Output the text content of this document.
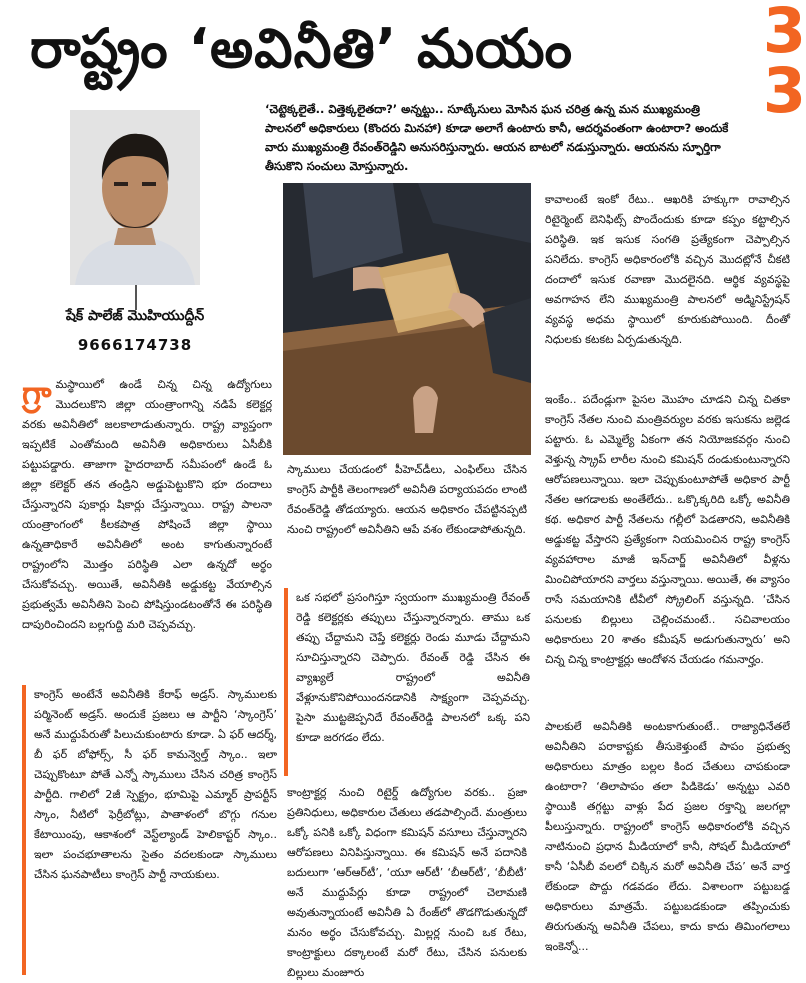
3
3
రాష్ట్రం ‘అవినీతి’ మయం
షేక్ పాలేజ్ మొహియుద్దీన్
9666174738
‘చెట్టెక్కలైతే.. విత్తెక్కలైతదా?’ అన్నట్టు.. సూట్కేసులు మోసిన ఘన చరిత్ర ఉన్న మన ముఖ్యమంత్రి పాలనలో అధికారులు (కొందరు మినహా) కూడా అలాగే ఉంటారు కానీ, ఆదర్శవంతంగా ఉంటారా? అందుకే వారు ముఖ్యమంత్రి రేవంత్‌రెడ్డిని అనుసరిస్తున్నారు. ఆయన బాటలో నడుస్తున్నారు. ఆయనను స్ఫూర్తిగా తీసుకొని సంచులు మోస్తున్నారు.
గ్రా మస్థాయిలో ఉండే చిన్న చిన్న ఉద్యోగులు మొదలుకొని జిల్లా యంత్రాంగాన్ని నడిపే కలెక్టర్ల వరకు అవినీతిలో జలకాలాడుతున్నారు. రాష్ట్ర వ్యాప్తంగా ఇప్పటికే ఎంతోమంది అవినీతి అధికారులు ఏసీబీకి పట్టుపడ్డారు. తాజాగా హైదరాబాద్ సమీపంలో ఉండే ఓ జిల్లా కలెక్టర్ తన తండ్రిని అడ్డుపెట్టుకొని భూ దందాలు చేస్తున్నారని పుకార్లు షికార్లు చేస్తున్నాయి. రాష్ట్ర పాలనా యంత్రాంగంలో కీలకపాత్ర పోషించే జిల్లా స్థాయి ఉన్నతాధికారే అవినీతిలో అంట కాగుతున్నారంటే రాష్ట్రంలోని మొత్తం పరిస్థితి ఎలా ఉన్నదో అర్థం చేసుకోవచ్చు. అయితే, అవినీతికి అడ్డుకట్ట వేయాల్సిన ప్రభుత్వమే అవినీతిని పెంచి పోషిస్తుండటంతోనే ఈ పరిస్థితి దాపురించిందని బల్లగుద్ది మరి చెప్పవచ్చు.

కాంగ్రెస్ అంటేనే అవినీతికి కేరాఫ్ అడ్రస్. స్కాములకు పర్మినెంట్ అడ్రస్. అందుకే ప్రజలు ఆ పార్టీని ‘స్కాంగ్రెస్’ అనే ముద్దుపేరుతో పిలుచుకుంటారు కూడా. ఏ ఫర్ ఆదర్శ్, బీ ఫర్ బోఫోర్స్, సీ ఫర్ కామన్వెల్త్ స్కాం.. ఇలా చెప్పుకొంటూ పోతే ఎన్నో స్కాములు చేసిన చరిత్ర కాంగ్రెస్ పార్టీది. గాలిలో 2జీ స్పెక్ట్రం, భూమిపై ఎమ్మార్ ప్రాపర్టీస్ స్కాం, నీటిలో ఫెర్రీబోట్లు, పాతాళంలో బొగ్గు గనుల కేటాయింపు, ఆకాశంలో వెస్ట్‌ల్యాండ్ హెలికాప్టర్ స్కాం.. ఇలా పంచభూతాలను సైతం వదలకుండా స్కాములు చేసిన ఘనపాటీలు కాంగ్రెస్ పార్టీ నాయకులు.

స్కాములు చేయడంలో పీహెచ్‌డీలు, ఎంఫిల్‌లు చేసిన కాంగ్రెస్ పార్టీకి తెలంగాణలో అవినీతి పర్యాయపదం లాంటి రేవంత్‌రెడ్డి తోడయ్యారు. ఆయన అధికారం చేపట్టినప్పటి నుంచి రాష్ట్రంలో అవినీతిని ఆపే వశం లేకుండాపోతున్నది.

ఒక సభలో ప్రసంగిస్తూ స్వయంగా ముఖ్యమంత్రి రేవంత్ రెడ్డి కలెక్టర్లకు తప్పులు చేస్తున్నారన్నారు. తాము ఒక తప్పు చేద్దామని చెప్తే కలెక్టర్లు రెండు మూడు చేద్దామని సూచిస్తున్నారని చెప్పారు. రేవంత్ రెడ్డి చేసిన ఈ వ్యాఖ్యలే రాష్ట్రంలో అవినీతి వేళ్లూనుకొనిపోయిందనడానికి సాక్ష్యంగా చెప్పవచ్చు. పైసా ముట్టజెప్పనిదే రేవంత్‌రెడ్డి పాలనలో ఒక్క పని కూడా జరగడం లేదు.

కాంట్రాక్టర్ల నుంచి రిటైర్డ్ ఉద్యోగుల వరకు.. ప్రజా ప్రతినిధులు, అధికారుల చేతులు తడపాల్సిందే. మంత్రులు ఒక్కో పనికి ఒక్కో విధంగా కమిషన్ వసూలు చేస్తున్నారని ఆరోపణలు వినిపిస్తున్నాయి. ఈ కమిషన్ అనే పదానికి బదులుగా ‘ఆర్‌ఆర్‌టీ’, ‘యూ ఆర్‌టీ’ ‘బీఆర్‌టీ’, ‘బీబీటీ’ అనే ముద్దుపేర్లు కూడా రాష్ట్రంలో చెలామణి అవుతున్నాయంటే అవినీతి ఏ రేంజ్‌లో తొడగొడుతున్నదో మనం అర్థం చేసుకోవచ్చు. మిల్లర్ల నుంచి ఒక రేటు, కాంట్రాక్టులు దక్కాలంటే మరో రేటు, చేసిన పనులకు బిల్లులు మంజూరు
కావాలంటే ఇంకో రేటు.. ఆఖరికి హక్కుగా రావాల్సిన రిటైర్మెంట్ బెనిఫిట్స్ పొందేందుకు కూడా కప్పం కట్టాల్సిన పరిస్థితి. ఇక ఇసుక సంగతి ప్రత్యేకంగా చెప్పాల్సిన పనిలేదు. కాంగ్రెస్ అధికారంలోకి వచ్చిన మొదట్లోనే చీకటి దందాలో ఇసుక రవాణా మొదలైనది. ఆర్థిక వ్యవస్థపై అవగాహన లేని ముఖ్యమంత్రి పాలనలో అడ్మినిస్ట్రేషన్ వ్యవస్థ అధమ స్థాయిలో కూరుకుపోయింది. దీంతో నిధులకు కటకట ఏర్పడుతున్నది.
ఇంకేం.. పదేండ్లుగా పైసల మొహం చూడని చిన్న చితకా కాంగ్రెస్ నేతల నుంచి మంత్రివర్యుల వరకు ఇసుకను జల్లెడ పట్టారు. ఓ ఎమ్మెల్యే ఏకంగా తన నియోజకవర్గం నుంచి వెళ్తున్న స్క్రాప్ లారీల నుంచి కమిషన్ దండుకుంటున్నారని ఆరోపణలున్నాయి. ఇలా చెప్పుకుంటూపోతే అధికార పార్టీ నేతల ఆగడాలకు అంతేలేదు.. ఒక్కొక్కరిది ఒక్కో అవినీతి కథ. అధికార పార్టీ నేతలను గల్లీలో పెడతారని, అవినీతికి అడ్డుకట్ట వేస్తారని ప్రత్యేకంగా నియమించిన రాష్ట్ర కాంగ్రెస్ వ్యవహారాల మాజీ ఇన్‌చార్జ్ అవినీతిలో వీళ్లను మించిపోయారని వార్తలు వస్తున్నాయి. అయితే, ఈ వ్యాసం రాసే సమయానికి టీవీలో స్క్రోలింగ్ వస్తున్నది. ‘చేసిన పనులకు బిల్లులు చెల్లించమంటే.. సచివాలయం అధికారులు 20 శాతం కమీషన్ అడుగుతున్నారు’ అని చిన్న చిన్న కాంట్రాక్టర్లు ఆందోళన చేయడం గమనార్హం.
పాలకులే అవినీతికి అంటకాగుతుంటే.. రాజ్యాధినేతలే అవినీతిని పరాకాష్టకు తీసుకెళ్తుంటే పాపం ప్రభుత్వ అధికారులు మాత్రం బల్లల కింద చేతులు చాపకుండా ఉంటారా? ‘తిలాపాపం తలా పిడికెడు’ అన్నట్టు ఎవరి స్థాయికి తగ్గట్టు వాళ్లు పేద ప్రజల రక్తాన్ని జలగల్లా పీలుస్తున్నారు. రాష్ట్రంలో కాంగ్రెస్ అధికారంలోకి వచ్చిన నాటినుంచి ప్రధాన మీడియాలో కానీ, సోషల్ మీడియాలో కానీ ‘ఏసీబీ వలలో చిక్కిన మరో అవినీతి చేప’ అనే వార్త లేకుండా పొద్దు గడవడం లేదు. విశాలంగా పట్టుబడ్డ అధికారులు మాత్రమే. పట్టుబడకుండా తప్పించుకు తిరుగుతున్న అవినీతి చేపలు, కాదు కాదు తిమింగలాలు ఇంకెన్నో...
